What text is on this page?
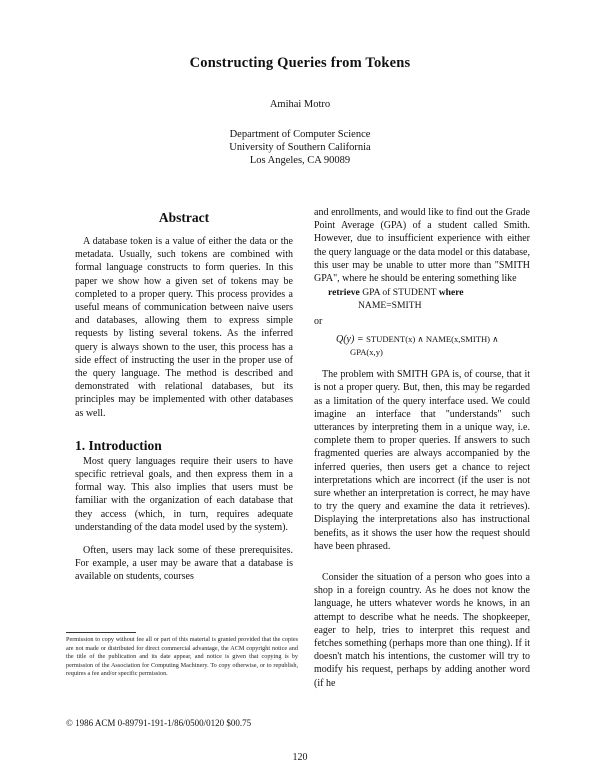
Constructing Queries from Tokens
Amihai Motro
Department of Computer Science
University of Southern California
Los Angeles, CA 90089
Abstract

A database token is a value of either the data or the metadata. Usually, such tokens are combined with formal language constructs to form queries. In this paper we show how a given set of tokens may be completed to a proper query. This process provides a useful means of communication between naive users and databases, allowing them to express simple requests by listing several tokens. As the inferred query is always shown to the user, this process has a side effect of instructing the user in the proper use of the query language. The method is described and demonstrated with relational databases, but its principles may be implemented with other databases as well.

1. Introduction

Most query languages require their users to have specific retrieval goals, and then express them in a formal way. This also implies that users must be familiar with the organization of each database that they access (which, in turn, requires adequate understanding of the data model used by the system).

Often, users may lack some of these prerequisites. For example, a user may be aware that a database is available on students, courses

and enrollments, and would like to find out the Grade Point Average (GPA) of a student called Smith. However, due to insufficient experience with either the query language or the data model or this database, this user may be unable to utter more than "SMITH GPA", where he should be entering something like

retrieve GPA of STUDENT where
NAME=SMITH
or
Q(y) = STUDENT(x) ∧ NAME(x,SMITH) ∧
GPA(x,y)

The problem with SMITH GPA is, of course, that it is not a proper query. But, then, this may be regarded as a limitation of the query interface used. We could imagine an interface that "understands" such utterances by interpreting them in a unique way, i.e. complete them to proper queries. If answers to such fragmented queries are always accompanied by the inferred queries, then users get a chance to reject interpretations which are incorrect (if the user is not sure whether an interpretation is correct, he may have to try the query and examine the data it retrieves). Displaying the interpretations also has instructional benefits, as it shows the user how the request should have been phrased.

Consider the situation of a person who goes into a shop in a foreign country. As he does not know the language, he utters whatever words he knows, in an attempt to describe what he needs. The shopkeeper, eager to help, tries to interpret this request and fetches something (perhaps more than one thing). If it doesn't match his intentions, the customer will try to modify his request, perhaps by adding another word (if he

Permission to copy without fee all or part of this material is granted provided that the copies are not made or distributed for direct commercial advantage, the ACM copyright notice and the title of the publication and its date appear, and notice is given that copying is by permission of the Association for Computing Machinery. To copy otherwise, or to republish, requires a fee and/or specific permission.
© 1986 ACM 0-89791-191-1/86/0500/0120 $00.75
120
